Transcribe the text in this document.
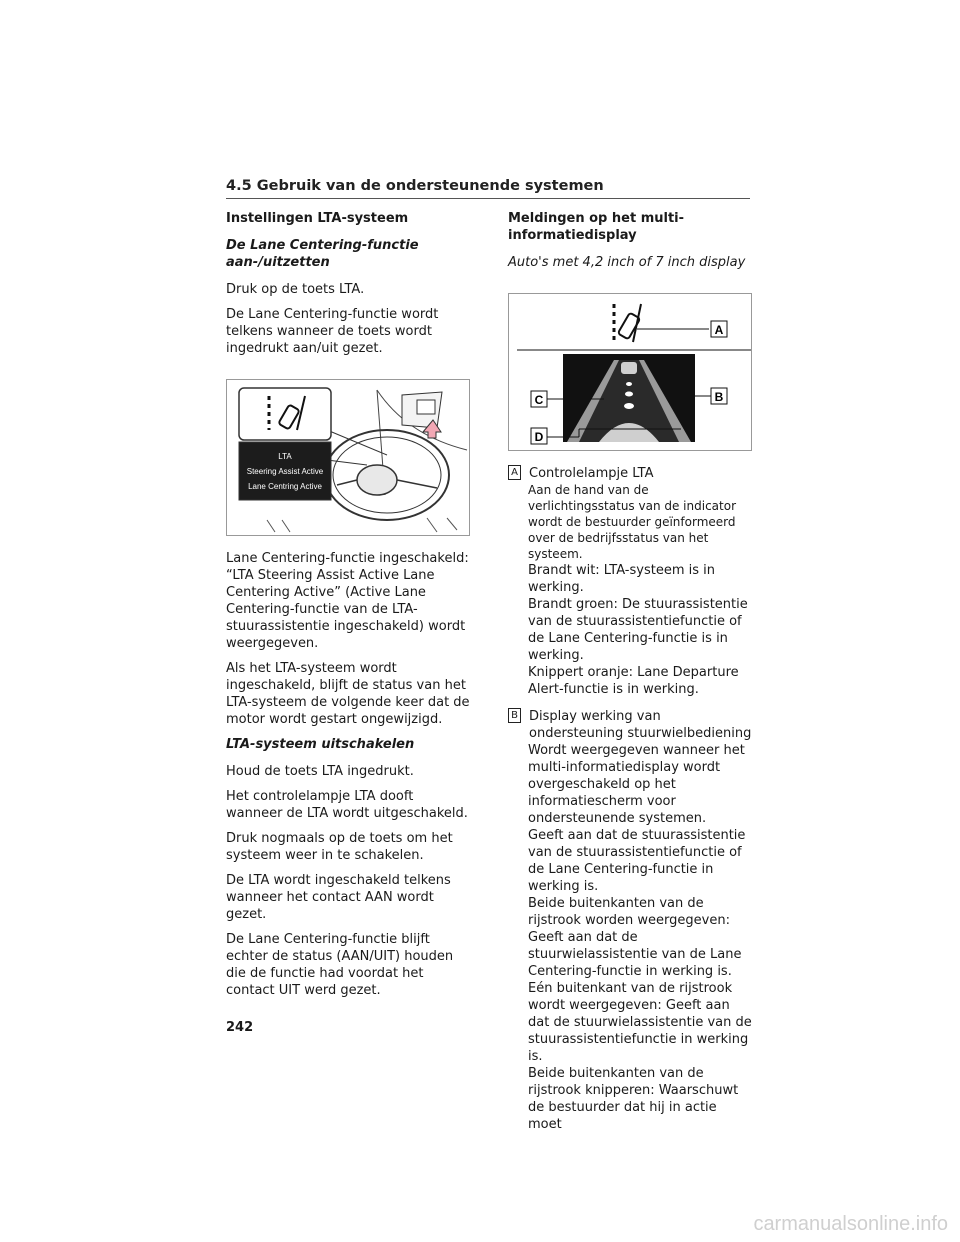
4.5 Gebruik van de ondersteunende systemen

Instellingen LTA-systeem

De Lane Centering-functie aan-/uitzetten

Druk op de toets LTA.

De Lane Centering-functie wordt telkens wanneer de toets wordt ingedrukt aan/uit gezet.

LTA
Steering Assist Active
Lane Centring Active

Lane Centering-functie ingeschakeld: “LTA Steering Assist Active Lane Centering Active” (Active Lane Centering-functie van de LTA-stuurassistentie ingeschakeld) wordt weergegeven.

Als het LTA-systeem wordt ingeschakeld, blijft de status van het LTA-systeem de volgende keer dat de motor wordt gestart ongewijzigd.

LTA-systeem uitschakelen

Houd de toets LTA ingedrukt.

Het controlelampje LTA dooft wanneer de LTA wordt uitgeschakeld.

Druk nogmaals op de toets om het systeem weer in te schakelen.

De LTA wordt ingeschakeld telkens wanneer het contact AAN wordt gezet.

De Lane Centering-functie blijft echter de status (AAN/UIT) houden die de functie had voordat het contact UIT werd gezet.

Meldingen op het multi-informatiedisplay

Auto's met 4,2 inch of 7 inch display

A
B
C
D
A Controlelampje LTA

Aan de hand van de verlichtingsstatus van de indicator wordt de bestuurder geïnformeerd over de bedrijfsstatus van het systeem.

Brandt wit: LTA-systeem is in werking.

Brandt groen: De stuurassistentie van de stuurassistentiefunctie of de Lane Centering-functie is in werking.

Knippert oranje: Lane Departure Alert-functie is in werking.

B Display werking van ondersteuning stuurwielbediening

Wordt weergegeven wanneer het multi-informatiedisplay wordt overgeschakeld op het informatiescherm voor ondersteunende systemen.

Geeft aan dat de stuurassistentie van de stuurassistentiefunctie of de Lane Centering-functie in werking is.

Beide buitenkanten van de rijstrook worden weergegeven: Geeft aan dat de stuurwielassistentie van de Lane Centering-functie in werking is.

Eén buitenkant van de rijstrook wordt weergegeven: Geeft aan dat de stuurwielassistentie van de stuurassistentiefunctie in werking is.

Beide buitenkanten van de rijstrook knipperen: Waarschuwt de bestuurder dat hij in actie moet

242
carmanualsonline.info
